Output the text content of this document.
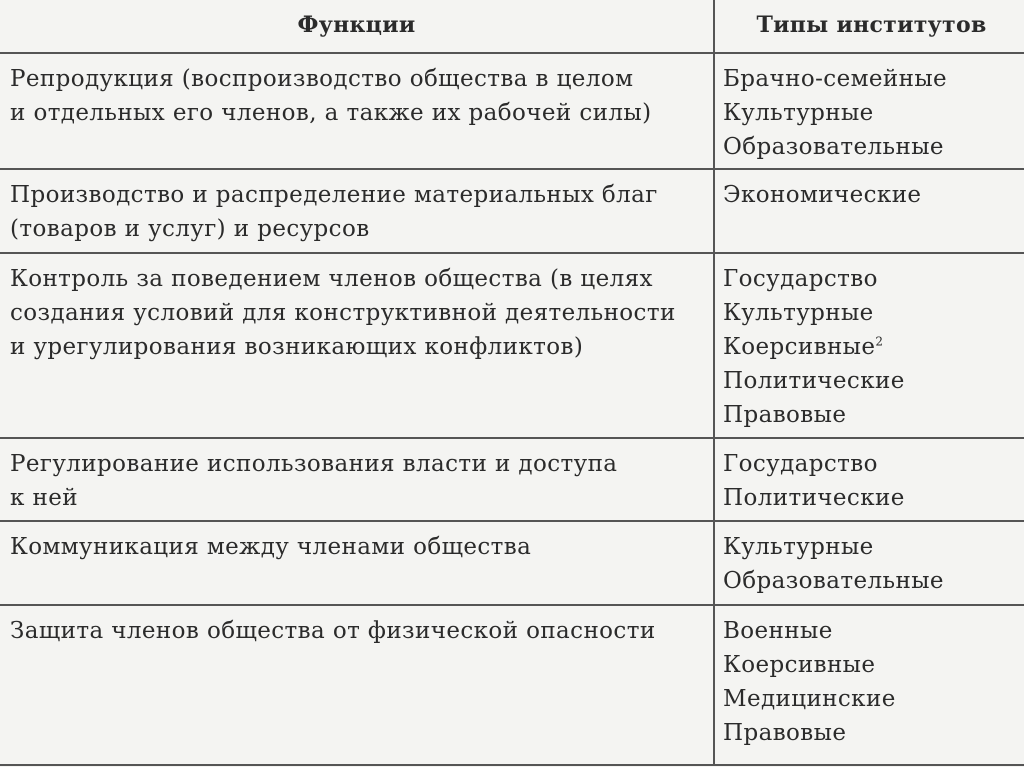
Функции	Типы институтов

Репродукция (воспроизводство общества в целом
и отдельных его членов, а также их рабочей силы)	Брачно-семейные
Культурные
Образовательные

Производство и распределение материальных благ
(товаров и услуг) и ресурсов	Экономические

Контроль за поведением членов общества (в целях
создания условий для конструктивной деятельности
и урегулирования возникающих конфликтов)	Государство
Культурные
Коерсивные$^2$
Политические
Правовые

Регулирование использования власти и доступа
к ней	Государство
Политические

Коммуникация между членами общества	Культурные
Образовательные

Защита членов общества от физической опасности	Военные
Коерсивные
Медицинские
Правовые
